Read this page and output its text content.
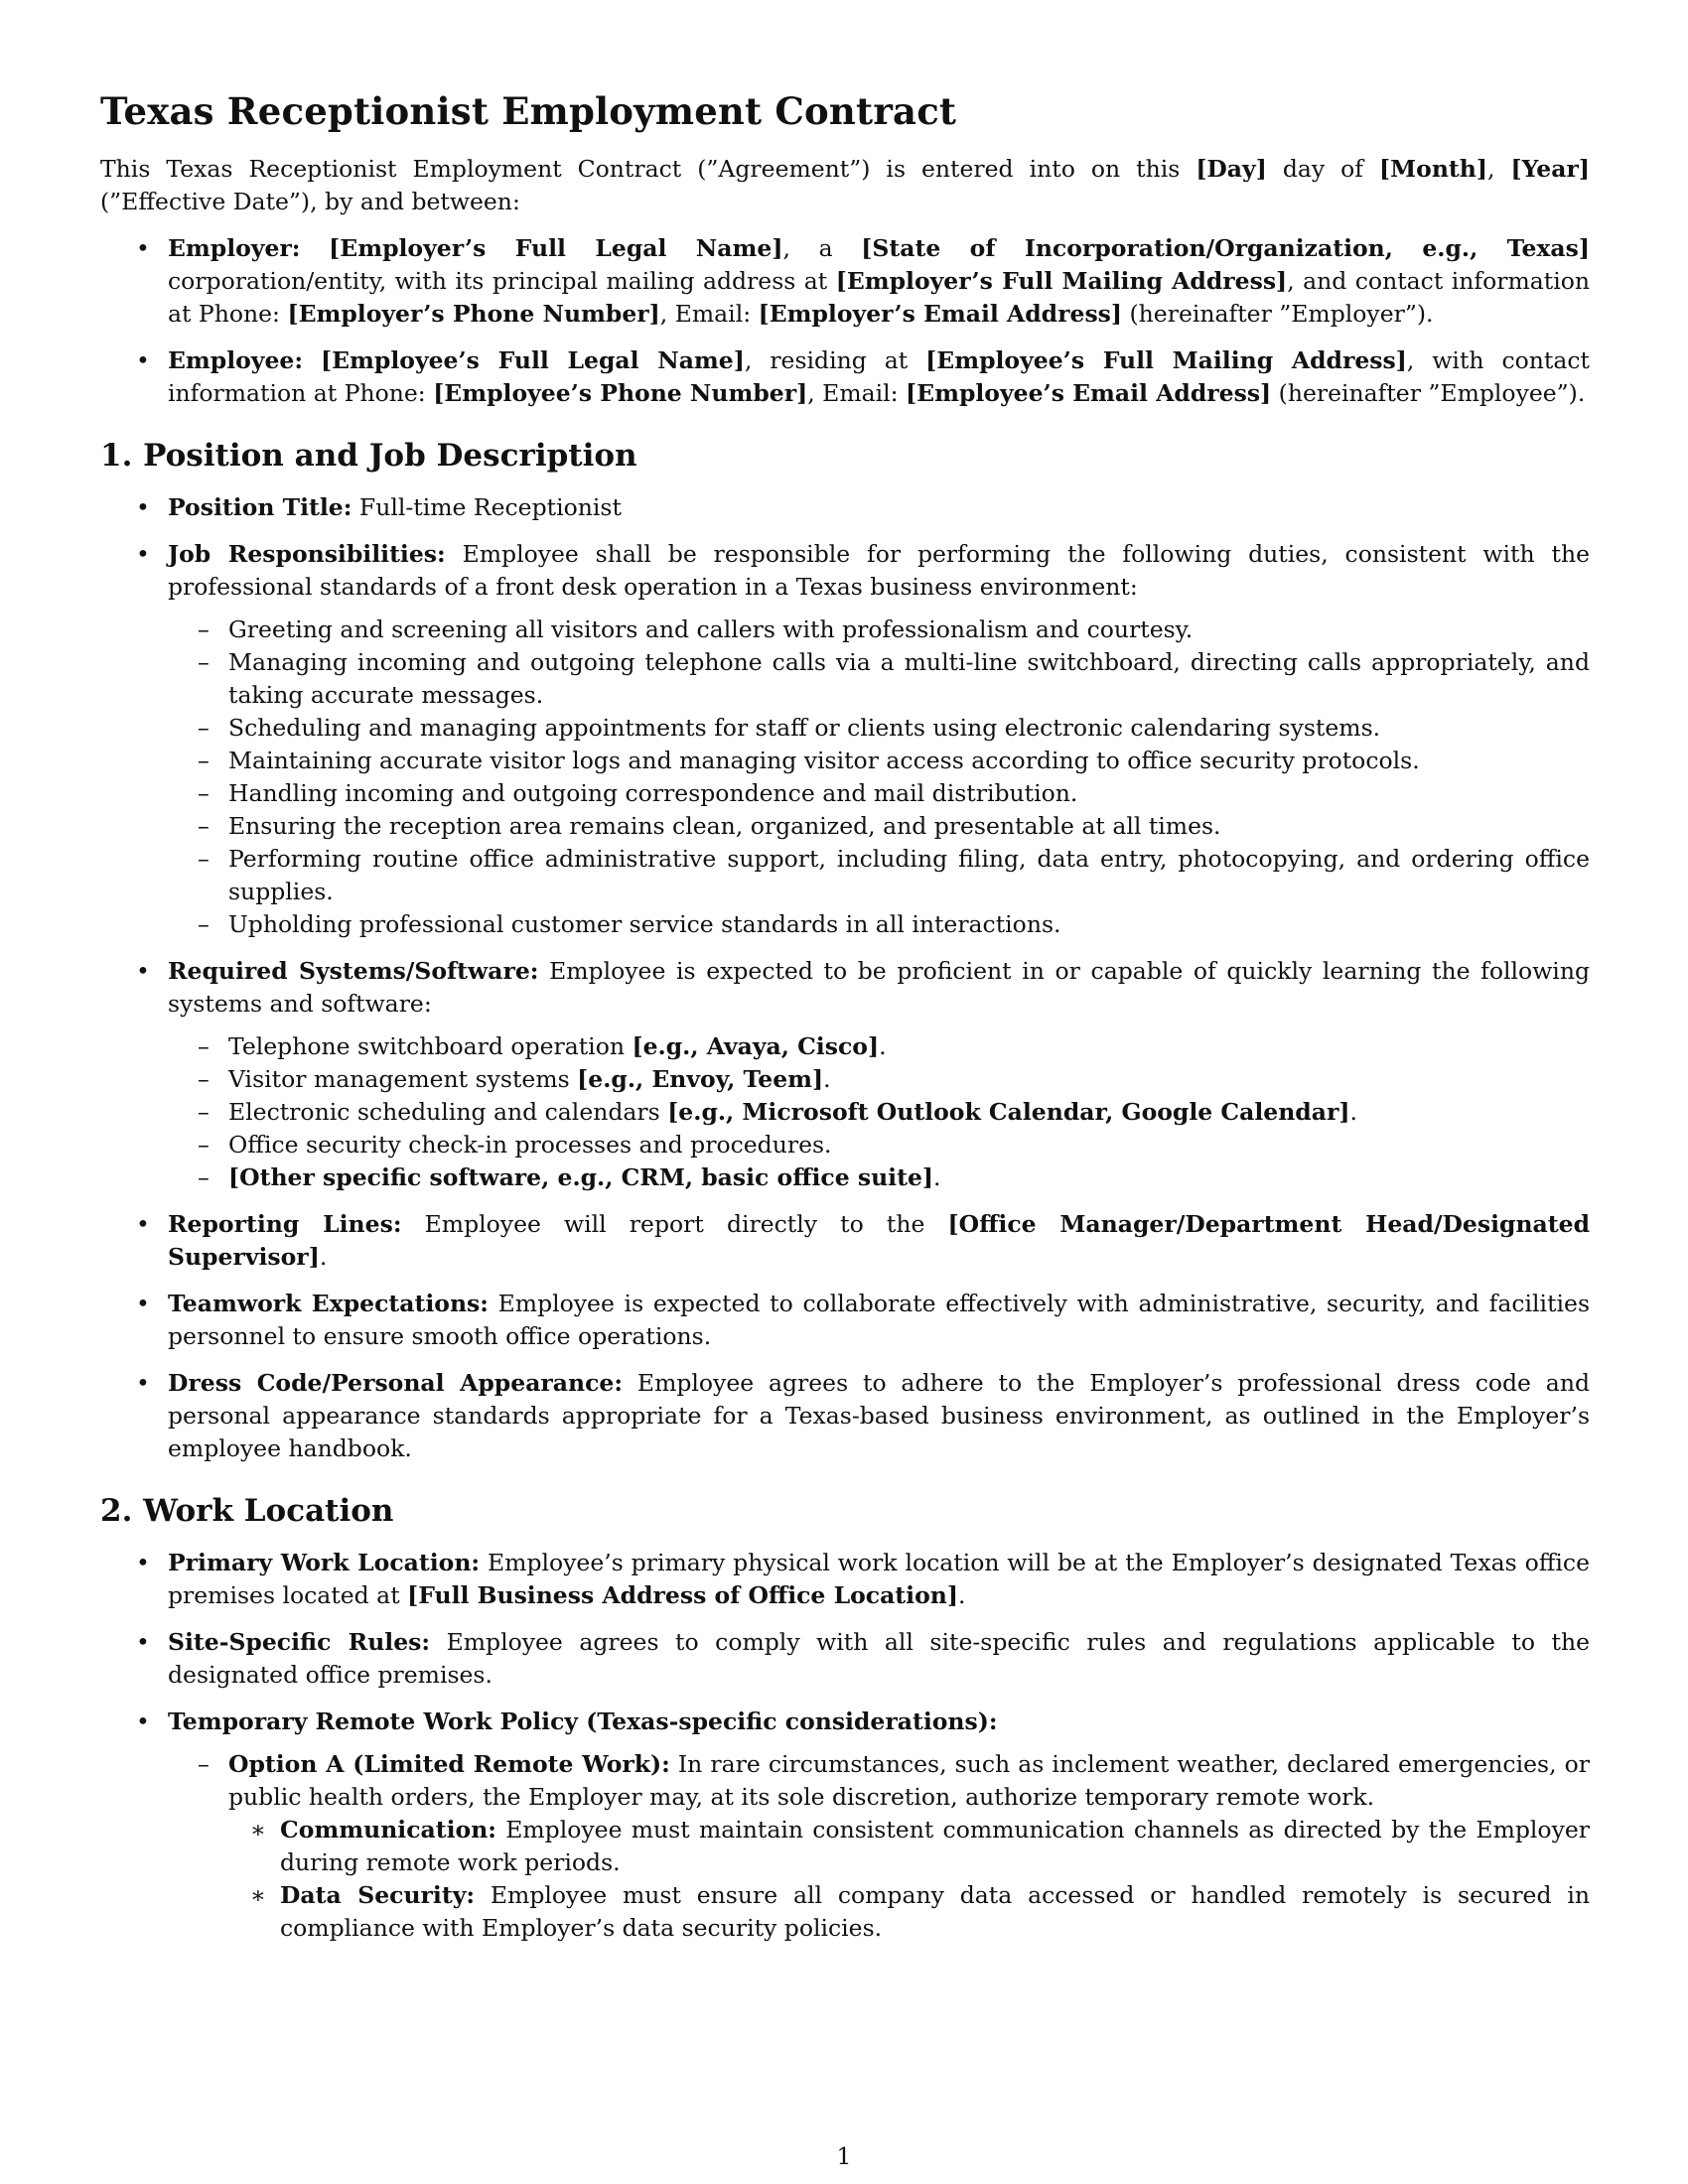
Texas Receptionist Employment Contract

This Texas Receptionist Employment Contract (”Agreement”) is entered into on this [Day] day of [Month], [Year] (”Effective Date”), by and between:

• Employer: [Employer’s Full Legal Name], a [State of Incorporation/Organization, e.g., Texas] corporation/entity, with its principal mailing address at [Employer’s Full Mailing Address], and contact information at Phone: [Employer’s Phone Number], Email: [Employer’s Email Address] (hereinafter ”Employer”).
• Employee: [Employee’s Full Legal Name], residing at [Employee’s Full Mailing Address], with contact information at Phone: [Employee’s Phone Number], Email: [Employee’s Email Address] (hereinafter ”Employee”).
1. Position and Job Description
• Position Title: Full-time Receptionist
• Job Responsibilities: Employee shall be responsible for performing the following duties, consistent with the professional standards of a front desk operation in a Texas business environment:
– Greeting and screening all visitors and callers with professionalism and courtesy.
– Managing incoming and outgoing telephone calls via a multi-line switchboard, directing calls appropriately, and taking accurate messages.
– Scheduling and managing appointments for staff or clients using electronic calendaring systems.
– Maintaining accurate visitor logs and managing visitor access according to office security protocols.
– Handling incoming and outgoing correspondence and mail distribution.
– Ensuring the reception area remains clean, organized, and presentable at all times.
– Performing routine office administrative support, including filing, data entry, photocopying, and ordering office supplies.
– Upholding professional customer service standards in all interactions.
• Required Systems/Software: Employee is expected to be proficient in or capable of quickly learning the following systems and software:
– Telephone switchboard operation [e.g., Avaya, Cisco].
– Visitor management systems [e.g., Envoy, Teem].
– Electronic scheduling and calendars [e.g., Microsoft Outlook Calendar, Google Calendar].
– Office security check-in processes and procedures.
– [Other specific software, e.g., CRM, basic office suite].
• Reporting Lines: Employee will report directly to the [Office Manager/Department Head/Designated Supervisor].
• Teamwork Expectations: Employee is expected to collaborate effectively with administrative, security, and facilities personnel to ensure smooth office operations.
• Dress Code/Personal Appearance: Employee agrees to adhere to the Employer’s professional dress code and personal appearance standards appropriate for a Texas-based business environment, as outlined in the Employer’s employee handbook.
2. Work Location
• Primary Work Location: Employee’s primary physical work location will be at the Employer’s designated Texas office premises located at [Full Business Address of Office Location].
• Site-Specific Rules: Employee agrees to comply with all site-specific rules and regulations applicable to the designated office premises.
• Temporary Remote Work Policy (Texas-specific considerations):
– Option A (Limited Remote Work): In rare circumstances, such as inclement weather, declared emergencies, or public health orders, the Employer may, at its sole discretion, authorize temporary remote work.
∗ Communication: Employee must maintain consistent communication channels as directed by the Employer during remote work periods.
∗ Data Security: Employee must ensure all company data accessed or handled remotely is secured in compliance with Employer’s data security policies.
1
